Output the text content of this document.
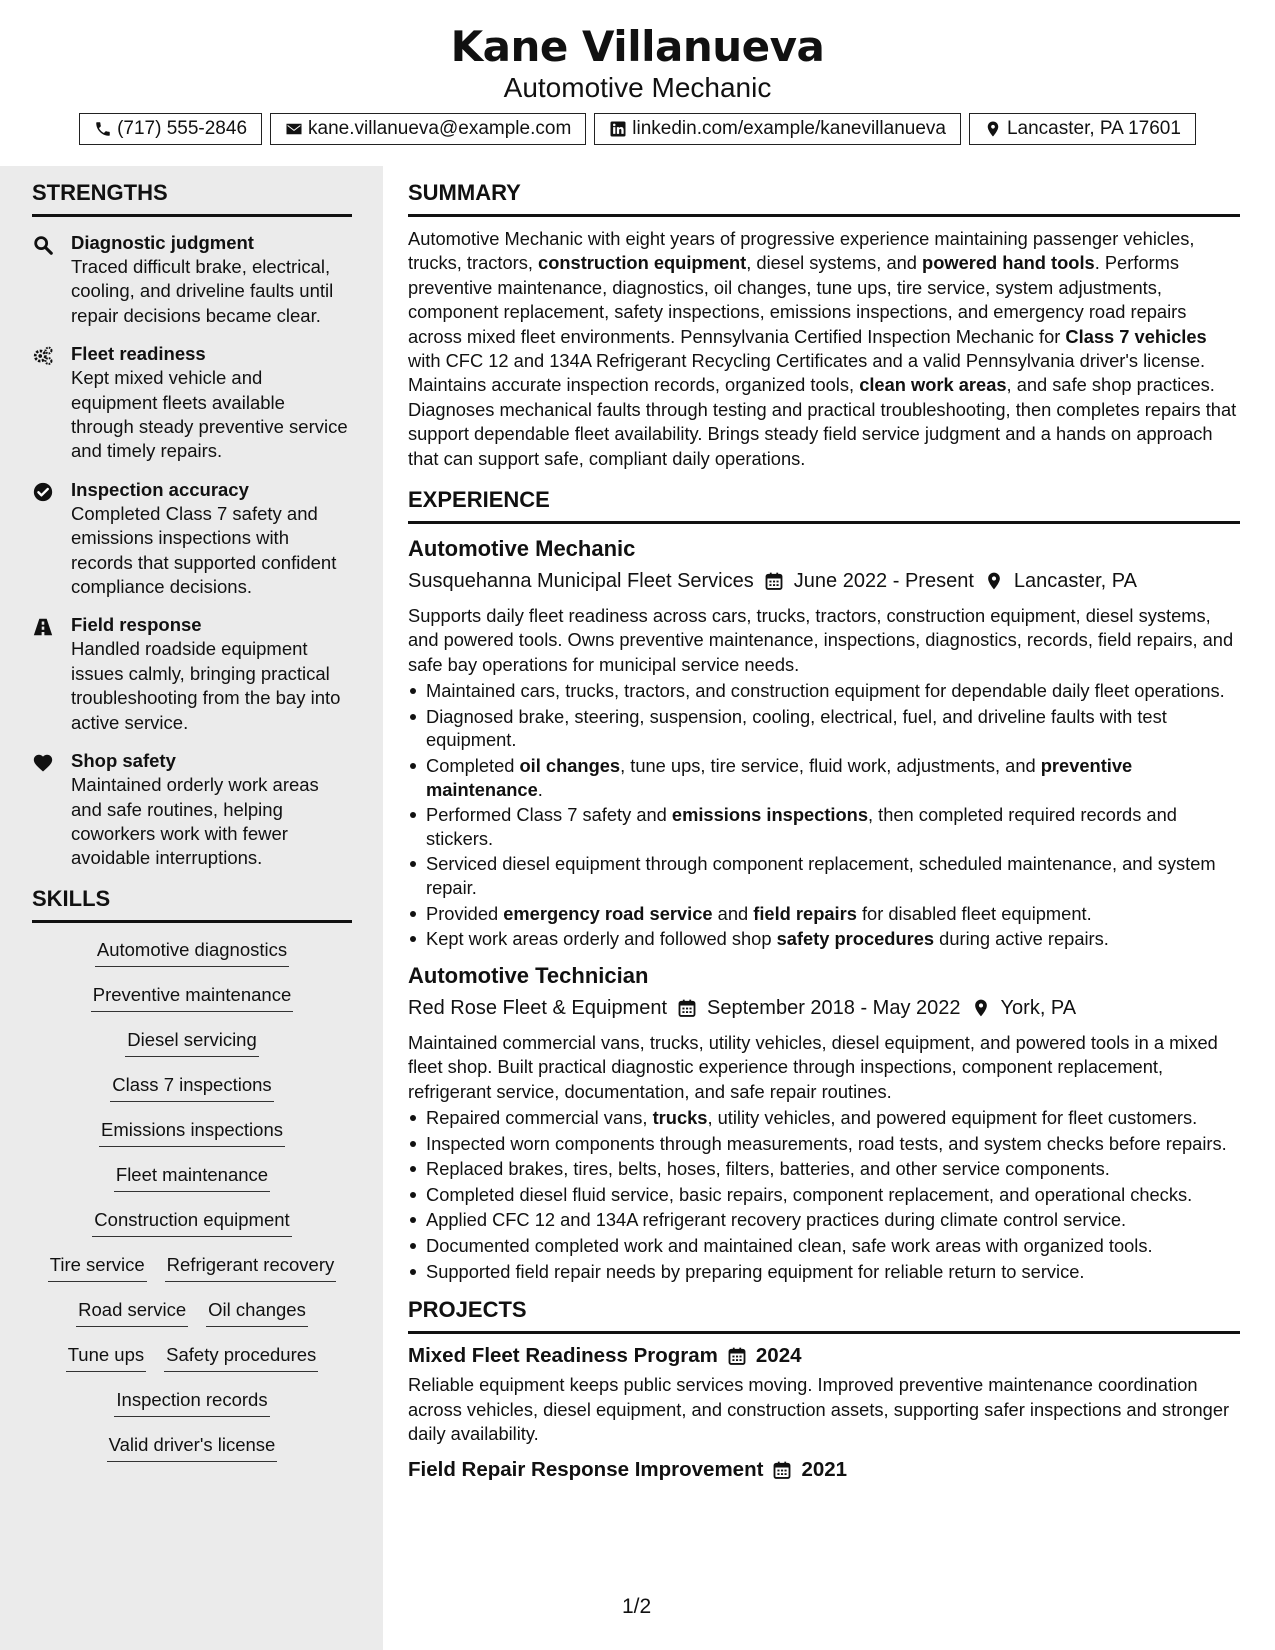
Kane Villanueva
Automotive Mechanic
(717) 555-2846	kane.villanueva@example.com	linkedin.com/example/kanevillanueva	Lancaster, PA 17601
STRENGTHS
Diagnostic judgment
Traced difficult brake, electrical, cooling, and driveline faults until repair decisions became clear.
Fleet readiness
Kept mixed vehicle and equipment fleets available through steady preventive service and timely repairs.
Inspection accuracy
Completed Class 7 safety and emissions inspections with records that supported confident compliance decisions.
Field response
Handled roadside equipment issues calmly, bringing practical troubleshooting from the bay into active service.
Shop safety
Maintained orderly work areas and safe routines, helping coworkers work with fewer avoidable interruptions.
SKILLS
Automotive diagnostics
Preventive maintenance
Diesel servicing
Class 7 inspections
Emissions inspections
Fleet maintenance
Construction equipment
Tire service Refrigerant recovery
Road service Oil changes
Tune ups Safety procedures
Inspection records
Valid driver's license
SUMMARY
Automotive Mechanic with eight years of progressive experience maintaining passenger vehicles, trucks, tractors, construction equipment, diesel systems, and powered hand tools. Performs preventive maintenance, diagnostics, oil changes, tune ups, tire service, system adjustments, component replacement, safety inspections, emissions inspections, and emergency road repairs across mixed fleet environments. Pennsylvania Certified Inspection Mechanic for Class 7 vehicles with CFC 12 and 134A Refrigerant Recycling Certificates and a valid Pennsylvania driver's license. Maintains accurate inspection records, organized tools, clean work areas, and safe shop practices. Diagnoses mechanical faults through testing and practical troubleshooting, then completes repairs that support dependable fleet availability. Brings steady field service judgment and a hands on approach that can support safe, compliant daily operations.
EXPERIENCE
Automotive Mechanic
Susquehanna Municipal Fleet Services June 2022 - Present Lancaster, PA
Supports daily fleet readiness across cars, trucks, tractors, construction equipment, diesel systems, and powered tools. Owns preventive maintenance, inspections, diagnostics, records, field repairs, and safe bay operations for municipal service needs.
Maintained cars, trucks, tractors, and construction equipment for dependable daily fleet operations.
Diagnosed brake, steering, suspension, cooling, electrical, fuel, and driveline faults with test equipment.
Completed oil changes, tune ups, tire service, fluid work, adjustments, and preventive maintenance.
Performed Class 7 safety and emissions inspections, then completed required records and stickers.
Serviced diesel equipment through component replacement, scheduled maintenance, and system repair.
Provided emergency road service and field repairs for disabled fleet equipment.
Kept work areas orderly and followed shop safety procedures during active repairs.
Automotive Technician
Red Rose Fleet & Equipment September 2018 - May 2022 York, PA
Maintained commercial vans, trucks, utility vehicles, diesel equipment, and powered tools in a mixed fleet shop. Built practical diagnostic experience through inspections, component replacement, refrigerant service, documentation, and safe repair routines.
Repaired commercial vans, trucks, utility vehicles, and powered equipment for fleet customers.
Inspected worn components through measurements, road tests, and system checks before repairs.
Replaced brakes, tires, belts, hoses, filters, batteries, and other service components.
Completed diesel fluid service, basic repairs, component replacement, and operational checks.
Applied CFC 12 and 134A refrigerant recovery practices during climate control service.
Documented completed work and maintained clean, safe work areas with organized tools.
Supported field repair needs by preparing equipment for reliable return to service.
PROJECTS
Mixed Fleet Readiness Program 2024
Reliable equipment keeps public services moving. Improved preventive maintenance coordination across vehicles, diesel equipment, and construction assets, supporting safer inspections and stronger daily availability.
Field Repair Response Improvement 2021
1/2
